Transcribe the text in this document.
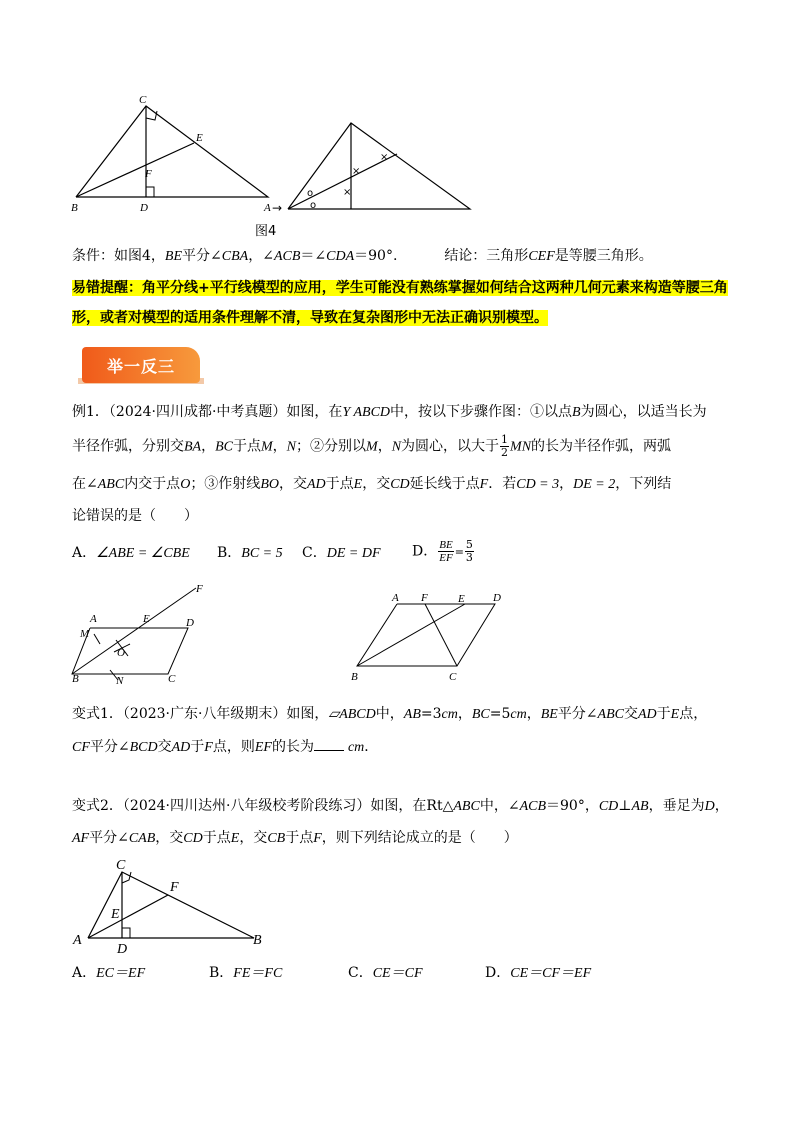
C
E
F
B	D	A →
×
×
×
o
o
图4
条件：如图4，BE平分∠CBA，∠ACB＝∠CDA＝90°.	结论：三角形CEF是等腰三角形。
易错提醒：角平分线+平行线模型的应用，学生可能没有熟练掌握如何结合这两种几何元素来构造等腰三角
形，或者对模型的适用条件理解不清，导致在复杂图形中无法正确识别模型。
举一反三
例1．（2024·四川成都·中考真题）如图，在Y ABCD中，按以下步骤作图：①以点B为圆心，以适当长为
半径作弧，分别交BA，BC于点M，N；②分别以M，N为圆心，以大于 $\frac{1}{2}$ MN的长为半径作弧，两弧
在∠ABC内交于点O；③作射线BO，交AD于点E，交CD延长线于点F．若CD = 3，DE = 2，下列结
论错误的是（　　）
A．∠ABE = ∠CBE B．BC = 5 C．DE = DF D． $\frac{BE}{EF} = \frac{5}{3}$
F
A	E	D
M
O
B	N	C
A F	E	D
B	C
变式1．（2023·广东·八年级期末）如图，▱ABCD中，AB=3cm，BC=5cm，BE平分∠ABC交AD于E点，
CF平分∠BCD交AD于F点，则EF的长为 cm．
变式2．（2024·四川达州·八年级校考阶段练习）如图，在Rt△ABC中，∠ACB＝90°，CD⊥AB，垂足为D，
AF平分∠CAB，交CD于点E，交CB于点F，则下列结论成立的是（　　）
C
F
E
A
D
B
A．EC＝EF	B．FE＝FC	C．CE＝CF	D．CE＝CF＝EF
